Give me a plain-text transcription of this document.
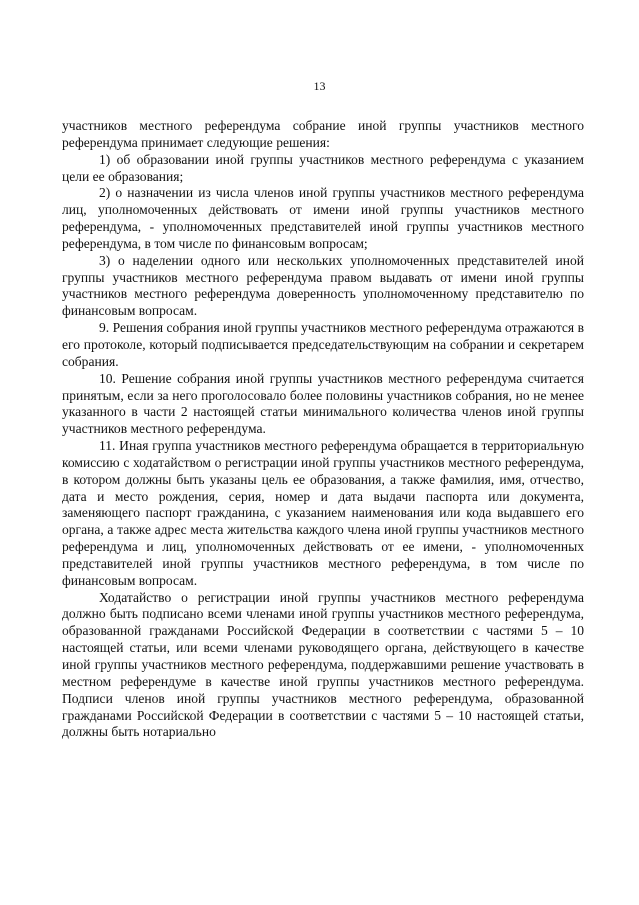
13

участников местного референдума собрание иной группы участников местного референдума принимает следующие решения:

1) об образовании иной группы участников местного референдума с указанием цели ее образования;

2) о назначении из числа членов иной группы участников местного референдума лиц, уполномоченных действовать от имени иной группы участников местного референдума, - уполномоченных представителей иной группы участников местного референдума, в том числе по финансовым вопросам;

3) о наделении одного или нескольких уполномоченных представителей иной группы участников местного референдума правом выдавать от имени иной группы участников местного референдума доверенность уполномоченному представителю по финансовым вопросам.

9. Решения собрания иной группы участников местного референдума отражаются в его протоколе, который подписывается председательствующим на собрании и секретарем собрания.

10. Решение собрания иной группы участников местного референдума считается принятым, если за него проголосовало более половины участников собрания, но не менее указанного в части 2 настоящей статьи минимального количества членов иной группы участников местного референдума.

11. Иная группа участников местного референдума обращается в территориальную комиссию с ходатайством о регистрации иной группы участников местного референдума, в котором должны быть указаны цель ее образования, а также фамилия, имя, отчество, дата и место рождения, серия, номер и дата выдачи паспорта или документа, заменяющего паспорт гражданина, с указанием наименования или кода выдавшего его органа, а также адрес места жительства каждого члена иной группы участников местного референдума и лиц, уполномоченных действовать от ее имени, - уполномоченных представителей иной группы участников местного референдума, в том числе по финансовым вопросам.

Ходатайство о регистрации иной группы участников местного референдума должно быть подписано всеми членами иной группы участников местного референдума, образованной гражданами Российской Федерации в соответствии с частями 5 – 10 настоящей статьи, или всеми членами руководящего органа, действующего в качестве иной группы участников местного референдума, поддержавшими решение участвовать в местном референдуме в качестве иной группы участников местного референдума. Подписи членов иной группы участников местного референдума, образованной гражданами Российской Федерации в соответствии с частями 5 – 10 настоящей статьи, должны быть нотариально
